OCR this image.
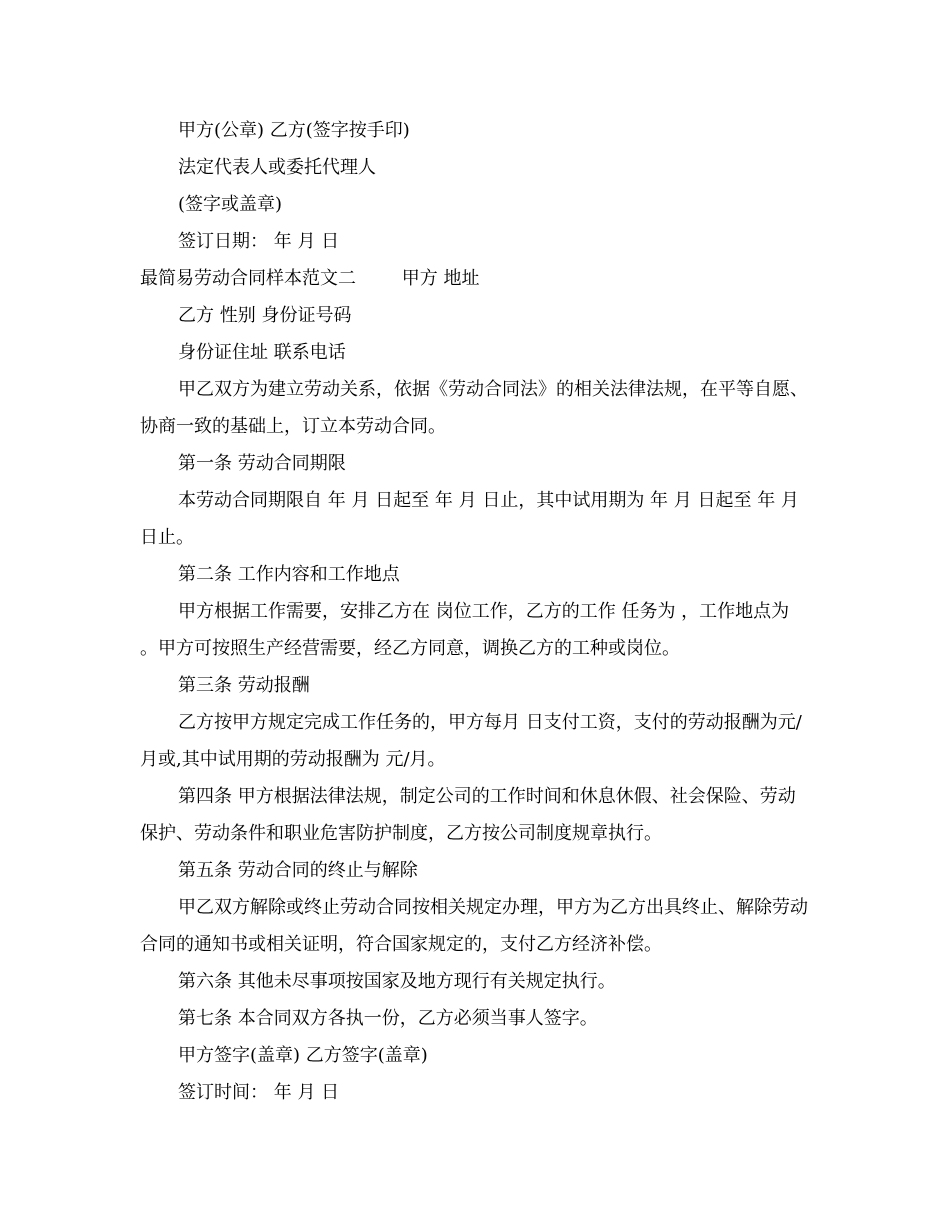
甲方(公章) 乙方(签字按手印)

法定代表人或委托代理人

(签字或盖章)

签订日期： 年 月 日

最简易劳动合同样本范文二        甲方 地址

乙方 性别 身份证号码

身份证住址 联系电话

甲乙双方为建立劳动关系，依据《劳动合同法》的相关法律法规，在平等自愿、协商一致的基础上，订立本劳动合同。

第一条 劳动合同期限

本劳动合同期限自 年 月 日起至 年 月 日止，其中试用期为 年 月 日起至 年 月日止。

第二条 工作内容和工作地点

甲方根据工作需要，安排乙方在 岗位工作，乙方的工作 任务为 ，工作地点为 。甲方可按照生产经营需要，经乙方同意，调换乙方的工种或岗位。

第三条 劳动报酬

乙方按甲方规定完成工作任务的，甲方每月 日支付工资，支付的劳动报酬为元/月或,其中试用期的劳动报酬为 元/月。

第四条 甲方根据法律法规，制定公司的工作时间和休息休假、社会保险、劳动保护、劳动条件和职业危害防护制度，乙方按公司制度规章执行。

第五条 劳动合同的终止与解除

甲乙双方解除或终止劳动合同按相关规定办理，甲方为乙方出具终止、解除劳动合同的通知书或相关证明，符合国家规定的，支付乙方经济补偿。

第六条 其他未尽事项按国家及地方现行有关规定执行。

第七条 本合同双方各执一份，乙方必须当事人签字。

甲方签字(盖章) 乙方签字(盖章)

签订时间： 年 月 日
